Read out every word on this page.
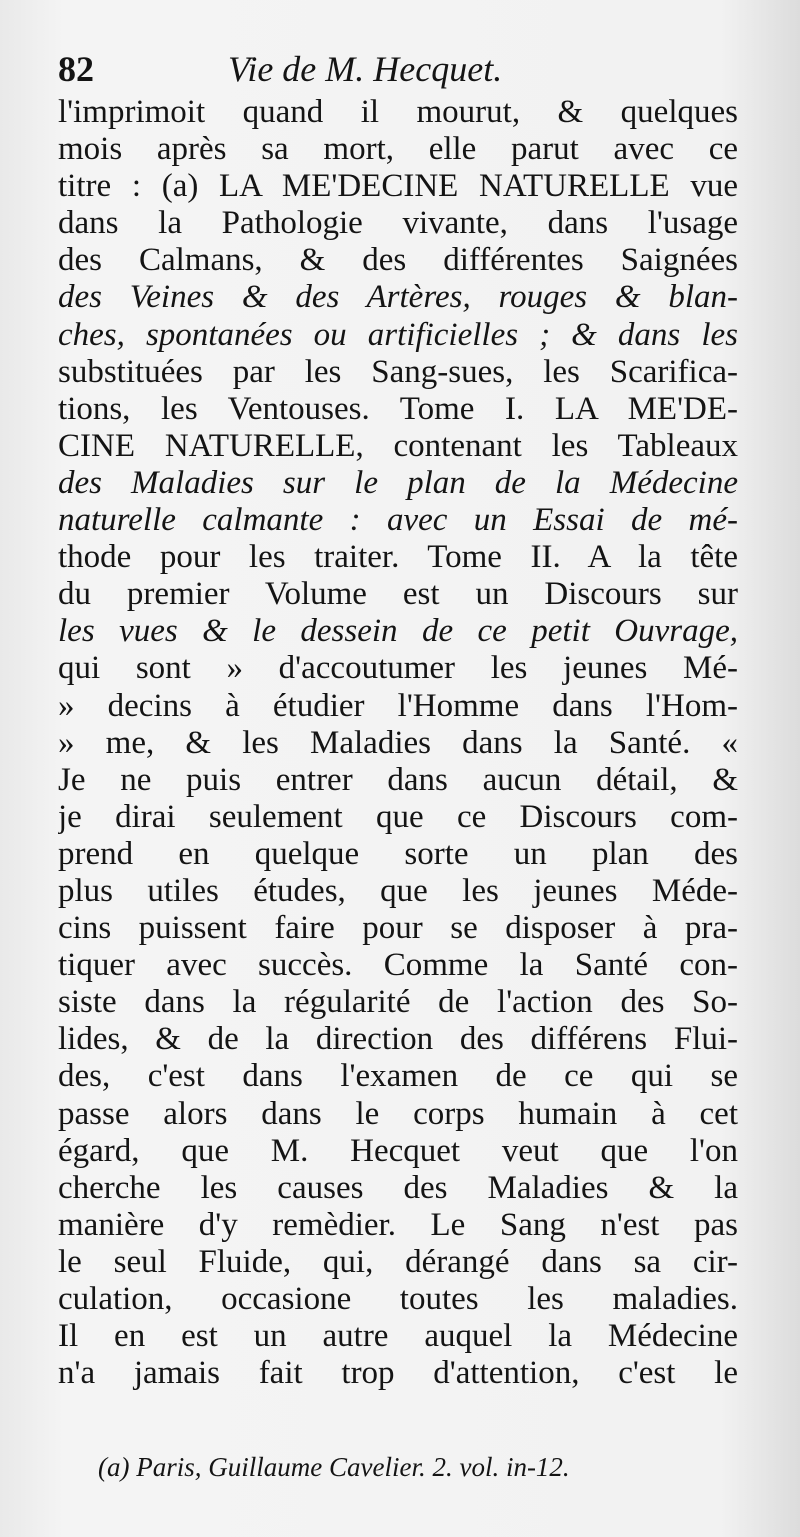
82	Vie de M. Hecquet.
l'imprimoit quand il mourut, & quelques
mois après sa mort, elle parut avec ce
titre : (a) LA ME'DECINE NATURELLE vue
dans la Pathologie vivante, dans l'usage
des Calmans, & des différentes Saignées
des Veines & des Artères, rouges & blan-
ches, spontanées ou artificielles ; & dans les
substituées par les Sang-sues, les Scarifica-
tions, les Ventouses. Tome I. LA ME'DE-
CINE NATURELLE, contenant les Tableaux
des Maladies sur le plan de la Médecine
naturelle calmante : avec un Essai de mé-
thode pour les traiter. Tome II. A la tête
du premier Volume est un Discours sur
les vues & le dessein de ce petit Ouvrage,
qui sont » d'accoutumer les jeunes Mé-
» decins à étudier l'Homme dans l'Hom-
» me, & les Maladies dans la Santé. «
Je ne puis entrer dans aucun détail, &
je dirai seulement que ce Discours com-
prend en quelque sorte un plan des
plus utiles études, que les jeunes Méde-
cins puissent faire pour se disposer à pra-
tiquer avec succès. Comme la Santé con-
siste dans la régularité de l'action des So-
lides, & de la direction des différens Flui-
des, c'est dans l'examen de ce qui se
passe alors dans le corps humain à cet
égard, que M. Hecquet veut que l'on
cherche les causes des Maladies & la
manière d'y remèdier. Le Sang n'est pas
le seul Fluide, qui, dérangé dans sa cir-
culation, occasione toutes les maladies.
Il en est un autre auquel la Médecine
n'a jamais fait trop d'attention, c'est le
(a) Paris, Guillaume Cavelier. 2. vol. in-12.
